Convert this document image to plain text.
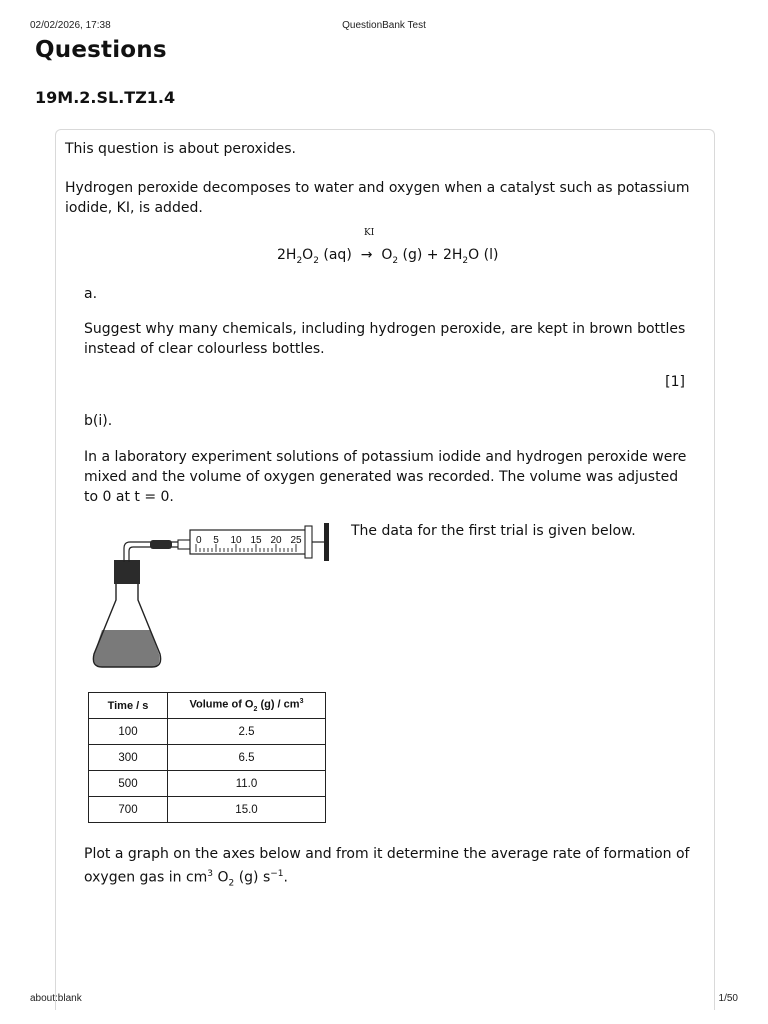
02/02/2026, 17:38	QuestionBank Test
Questions
19M.2.SL.TZ1.4
This question is about peroxides.
Hydrogen peroxide decomposes to water and oxygen when a catalyst such as potassium iodide, KI, is added.
KI
$2H_2O_2$ $(aq) \to O_2$ $(g) + 2H_2O$ (l)
a.
Suggest why many chemicals, including hydrogen peroxide, are kept in brown bottles instead of clear colourless bottles.
[1]
b(i).
In a laboratory experiment solutions of potassium iodide and hydrogen peroxide were mixed and the volume of oxygen generated was recorded. The volume was adjusted to 0 at t = 0.
The data for the first trial is given below.
0 5 10 15 20 25
Time / s	Volume of $O_2$ $(g) / cm^3$
100	2.5
300	6.5
500	11.0
700	15.0
Plot a graph on the axes below and from it determine the average rate of formation of oxygen gas in $cm^3$ $O_2$ (g) $s^{-1}$.
about:blank	1/50
